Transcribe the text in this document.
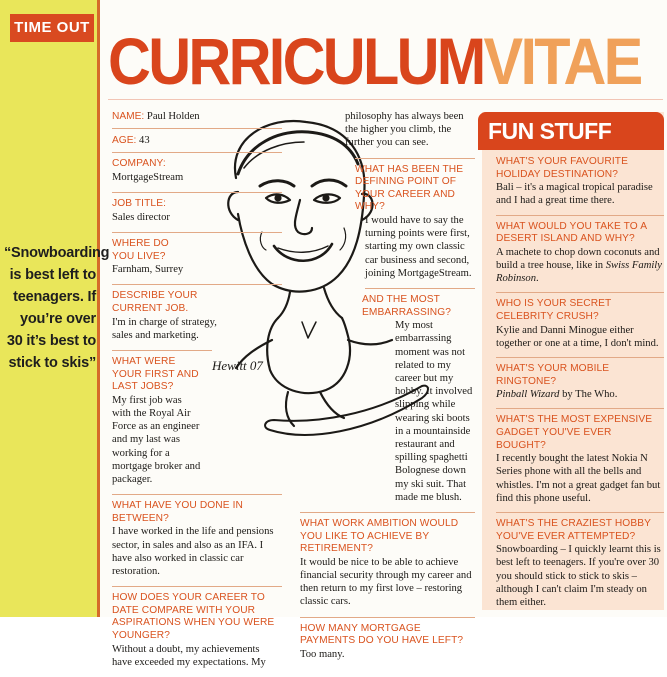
TIME OUT
“Snowboarding is best left to teenagers. If you’re over 30 it’s best to stick to skis”
CURRICULUMVITAE
Hewitt 07
NAME: Paul Holden
AGE: 43
COMPANY:
MortgageStream
JOB TITLE:
Sales director
WHERE DO YOU LIVE?
Farnham, Surrey
DESCRIBE YOUR CURRENT JOB.
I'm in charge of strategy, sales and marketing.
WHAT WERE YOUR FIRST AND LAST JOBS?
My first job was with the Royal Air Force as an engineer and my last was working for a mortgage broker and packager.
WHAT HAVE YOU DONE IN BETWEEN?
I have worked in the life and pensions sector, in sales and also as an IFA. I have also worked in classic car restoration.
HOW DOES YOUR CAREER TO DATE COMPARE WITH YOUR ASPIRATIONS WHEN YOU WERE YOUNGER?
Without a doubt, my achievements have exceeded my expectations. My
philosophy has always been the higher you climb, the further you can see.
WHAT HAS BEEN THE DEFINING POINT OF YOUR CAREER AND WHY?
I would have to say the turning points were first, starting my own classic car business and second, joining MortgageStream.
AND THE MOST EMBARRASSING?
My most embarrassing moment was not related to my career but my hobby. It involved slipping while wearing ski boots in a mountainside restaurant and spilling spaghetti Bolognese down my ski suit. That made me blush.
WHAT WORK AMBITION WOULD YOU LIKE TO ACHIEVE BY RETIREMENT?
It would be nice to be able to achieve financial security through my career and then return to my first love – restoring classic cars.
HOW MANY MORTGAGE PAYMENTS DO YOU HAVE LEFT?
Too many.
FUN STUFF
WHAT'S YOUR FAVOURITE HOLIDAY DESTINATION?
Bali – it's a magical tropical paradise and I had a great time there.
WHAT WOULD YOU TAKE TO A DESERT ISLAND AND WHY?
A machete to chop down coconuts and build a tree house, like in Swiss Family Robinson.
WHO IS YOUR SECRET CELEBRITY CRUSH?
Kylie and Danni Minogue either together or one at a time, I don't mind.
WHAT'S YOUR MOBILE RINGTONE?
Pinball Wizard by The Who.
WHAT'S THE MOST EXPENSIVE GADGET YOU'VE EVER BOUGHT?
I recently bought the latest Nokia N Series phone with all the bells and whistles. I'm not a great gadget fan but find this phone useful.
WHAT'S THE CRAZIEST HOBBY YOU'VE EVER ATTEMPTED?
Snowboarding – I quickly learnt this is best left to teenagers. If you're over 30 you should stick to stick to skis – although I can't claim I'm steady on them either.
